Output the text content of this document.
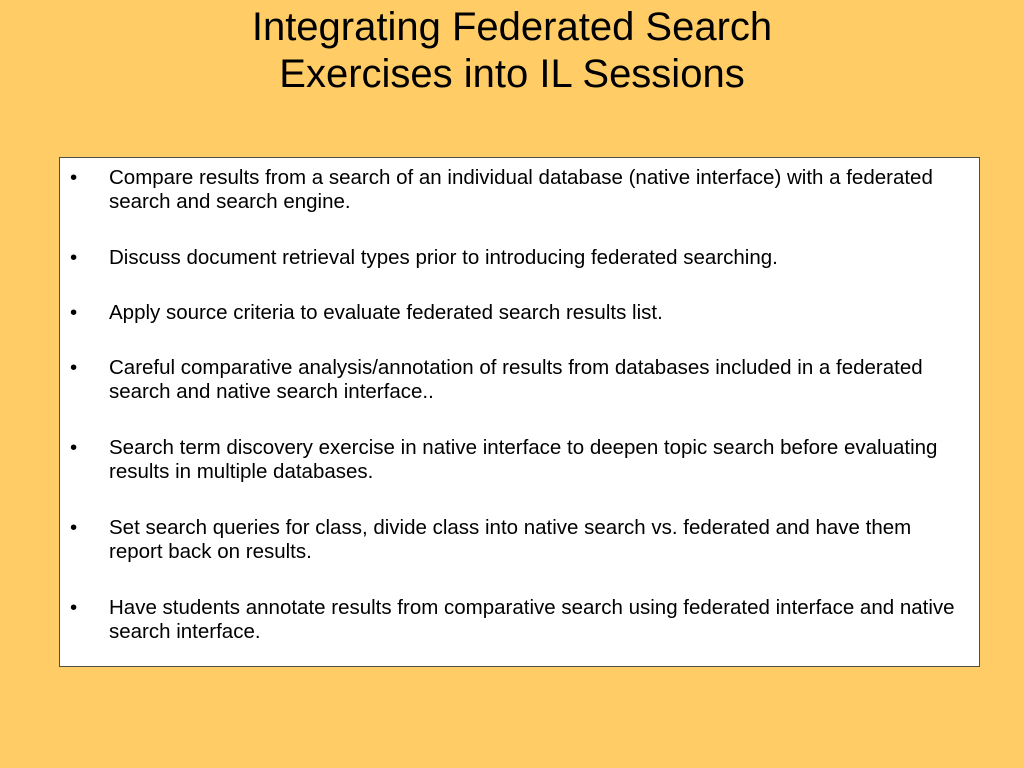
Integrating Federated Search
Exercises into IL Sessions
•	Compare results from a search of an individual database (native interface) with a federated search and search engine.
•	Discuss document retrieval types prior to introducing federated searching.
•	Apply source criteria to evaluate federated search results list.
•	Careful comparative analysis/annotation of results from databases included in a federated search and native search interface..
•	Search term discovery exercise in native interface to deepen topic search before evaluating results in multiple databases.
•	Set search queries for class, divide class into native search vs. federated and have them report back on results.
•	Have students annotate results from comparative search using federated interface and native search interface.
